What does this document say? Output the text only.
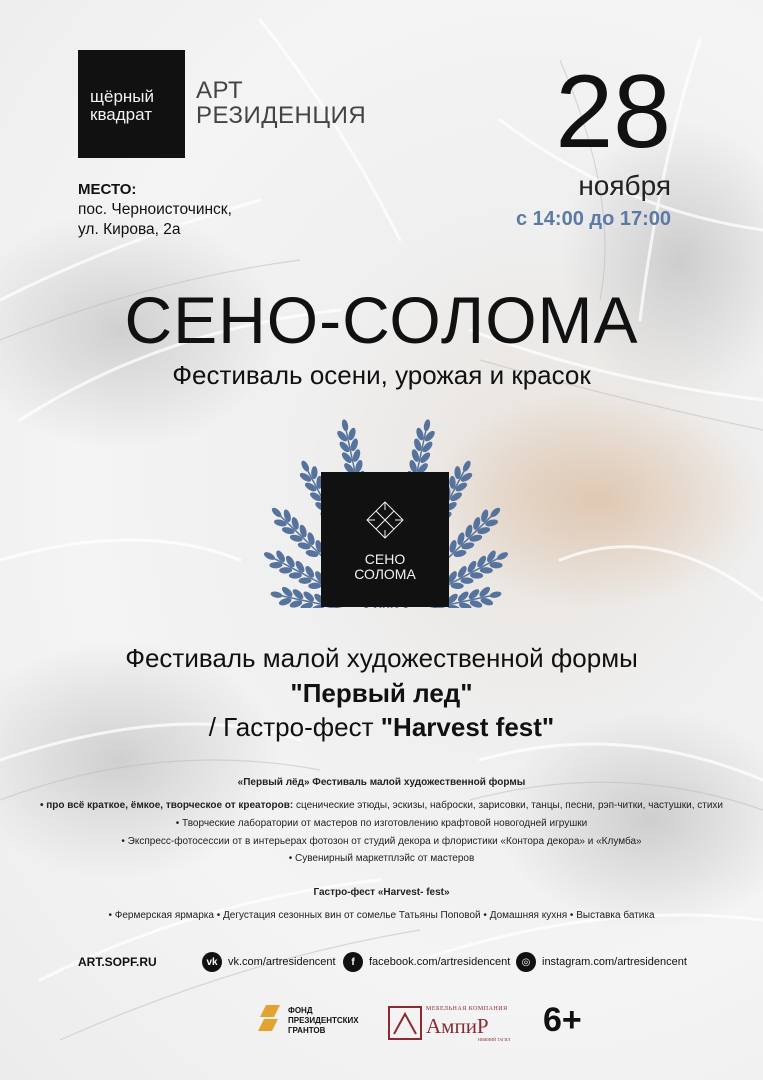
щёрный
квадрат
АРТ
РЕЗИДЕНЦИЯ 28
ноября
с 14:00 до 17:00
МЕСТО:
пос. Черноисточинск,
ул. Кирова, 2а
СЕНО-СОЛОМА
Фестиваль осени, урожая и красок
СЕНО
СОЛОМА
Фестиваль малой художественной формы
"Первый лед"
/ Гастро-фест "Harvest fest"
«Первый лёд» Фестиваль малой художественной формы
• про всё краткое, ёмкое, творческое от креаторов: сценические этюды, эскизы, наброски, зарисовки, танцы, песни, рэп-читки, частушки, стихи
• Творческие лаборатории от мастеров по изготовлению крафтовой новогодней игрушки
• Экспресс-фотосессии от в интерьерах фотозон от студий декора и флористики «Контора декора» и «Клумба»
• Сувенирный маркетплэйс от мастеров
Гастро-фест «Harvest- fest»
• Фермерская ярмарка • Дегустация сезонных вин от сомелье Татьяны Поповой • Домашняя кухня • Выставка батика
ART.SOPF.RU	vk vk.com/artresidencent	f	facebook.com/artresidencent	◎	instagram.com/artresidencent
ФОНД
ПРЕЗИДЕНТСКИХ
ГРАНТОВ
МЕБЕЛЬНАЯ КОМПАНИЯ
АмпиР
НИЖНИЙ ТАГИЛ
6+
